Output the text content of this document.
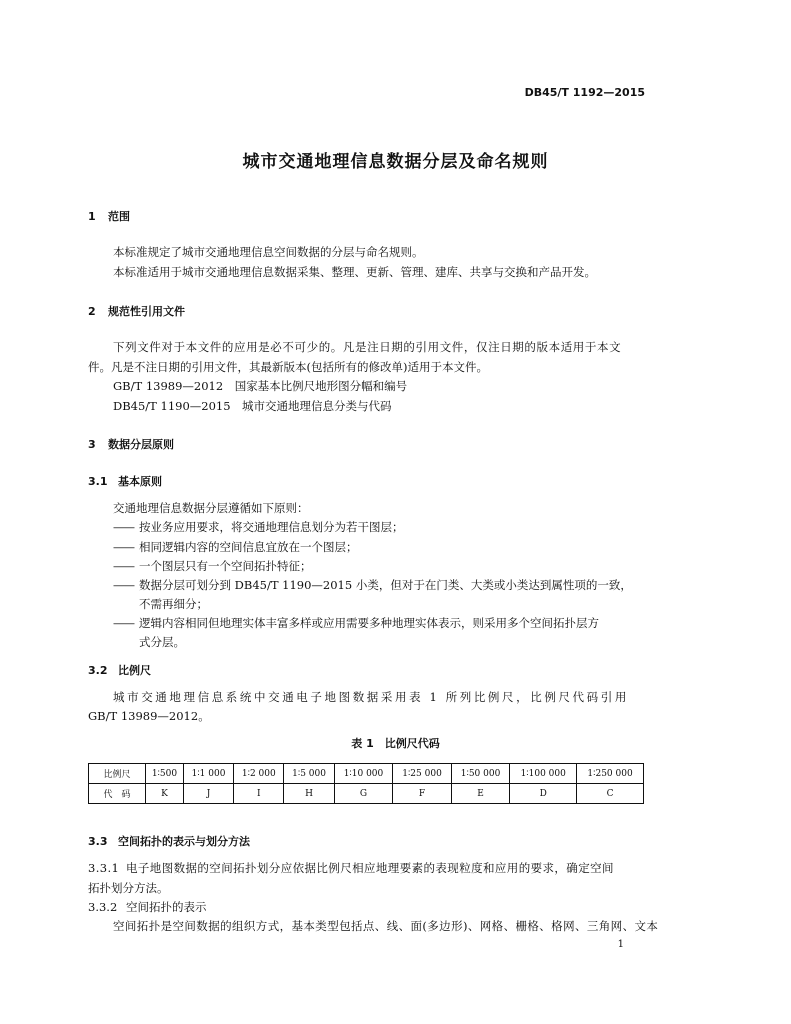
DB45/T 1192—2015
城市交通地理信息数据分层及命名规则
1 范围
本标准规定了城市交通地理信息空间数据的分层与命名规则。
本标准适用于城市交通地理信息数据采集、整理、更新、管理、建库、共享与交换和产品开发。
2 规范性引用文件
下列文件对于本文件的应用是必不可少的。凡是注日期的引用文件，仅注日期的版本适用于本文
件。凡是不注日期的引用文件，其最新版本(包括所有的修改单)适用于本文件。
GB/T 13989—2012　国家基本比例尺地形图分幅和编号
DB45/T 1190—2015　城市交通地理信息分类与代码
3 数据分层原则
3.1 基本原则
交通地理信息数据分层遵循如下原则：
—— 按业务应用要求，将交通地理信息划分为若干图层；
—— 相同逻辑内容的空间信息宜放在一个图层；
—— 一个图层只有一个空间拓扑特征；
—— 数据分层可划分到 DB45/T 1190—2015 小类，但对于在门类、大类或小类达到属性项的一致，
不需再细分；
—— 逻辑内容相同但地理实体丰富多样或应用需要多种地理实体表示，则采用多个空间拓扑层方
式分层。
3.2 比例尺
城市交通地理信息系统中交通电子地图数据采用表 1 所列比例尺，比例尺代码引用
GB/T 13989—2012。
表 1　比例尺代码
比例尺	1∶500	1∶1 000	1∶2 000	1∶5 000	1∶10 000	1∶25 000	1∶50 000	1∶100 000	1∶250 000
代　码	K	J	I	H	G	F	E	D	C
3.3 空间拓扑的表示与划分方法
3.3.1 电子地图数据的空间拓扑划分应依据比例尺相应地理要素的表现粒度和应用的要求，确定空间
拓扑划分方法。
3.3.2 空间拓扑的表示
空间拓扑是空间数据的组织方式，基本类型包括点、线、面(多边形)、网格、栅格、格网、三角网、文本
1
